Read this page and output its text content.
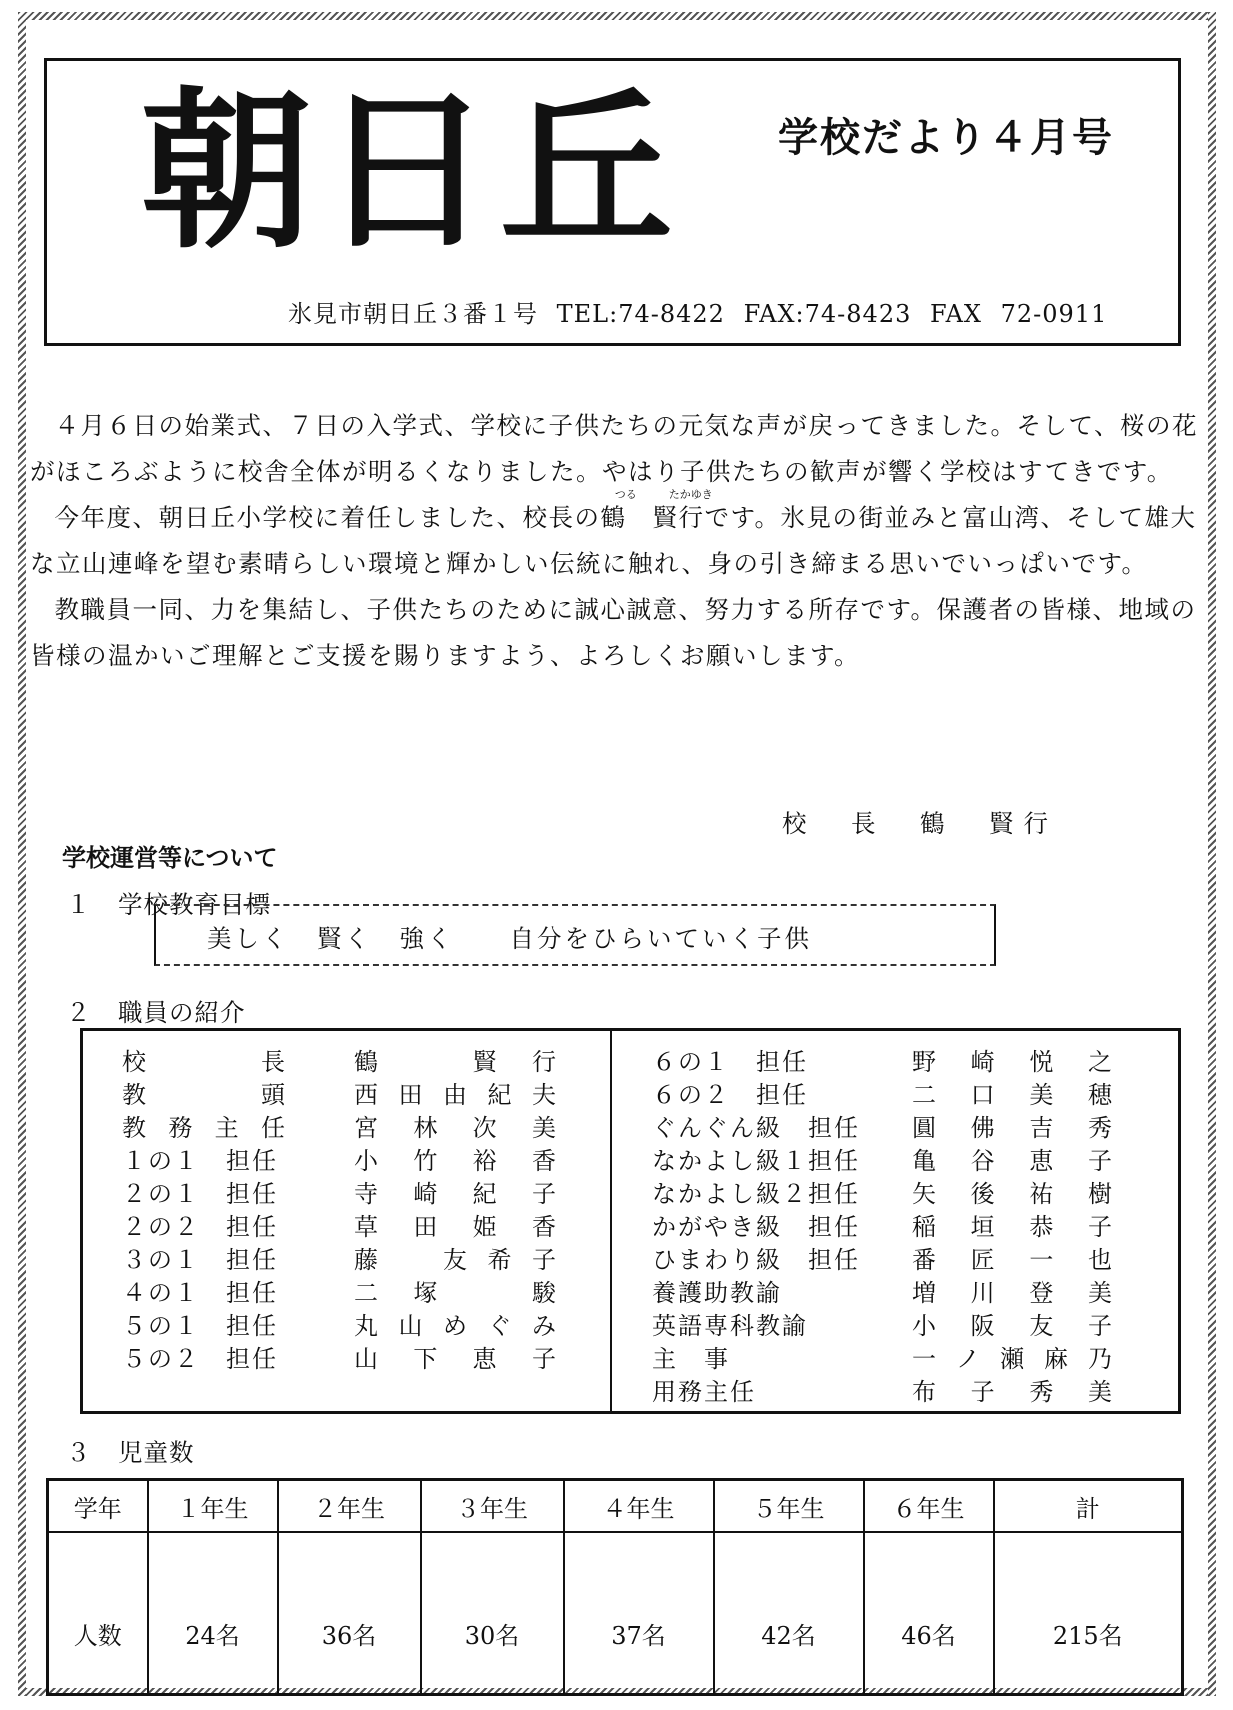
朝日丘 学校だより４月号
氷見市朝日丘３番１号 TEL:74-8422 FAX:74-8423 FAX 72-0911

４月６日の始業式、７日の入学式、学校に子供たちの元気な声が戻ってきました。そして、桜の花がほころぶように校舎全体が明るくなりました。やはり子供たちの歓声が響く学校はすてきです。

今年度、朝日丘小学校に着任しました、校長の鶴
つる
　賢行
たかゆき
です。氷見の街並みと富山湾、そして雄大な立山連峰を望む素晴らしい環境と輝かしい伝統に触れ、身の引き締まる思いでいっぱいです。

教職員一同、力を集結し、子供たちのために誠心誠意、努力する所存です。保護者の皆様、地域の皆様の温かいご理解とご支援を賜りますよう、よろしくお願いします。

校　長　鶴　賢行
学校運営等について
１ 学校教育目標
美しく　賢く　強く　　自分をひらいていく子供
２ 職員の紹介
校長	鶴　賢行
教頭	西田由紀夫
教務主任	宮林次美
１の１　担任	小竹裕香
２の１　担任	寺崎紀子
２の２　担任	草田姫香
３の１　担任	藤　友希子
４の１　担任	二塚　駿
５の１　担任	丸山めぐみ
５の２　担任	山下恵子
６の１　担任	野崎悦之
６の２　担任	二口美穂
ぐんぐん級　担任 圓佛吉秀
なかよし級１担任 亀谷恵子
なかよし級２担任 矢後祐樹
かがやき級　担任 稲垣恭子
ひまわり級　担任 番匠一也
養護助教諭	増川登美
英語専科教諭	小阪友子
主　事	一ノ瀬麻乃
用務主任	布子秀美
３ 児童数
学年	１年生	２年生	３年生	４年生	５年生	６年生	計
人数	24名	36名	30名	37名	42名	46名	215名
